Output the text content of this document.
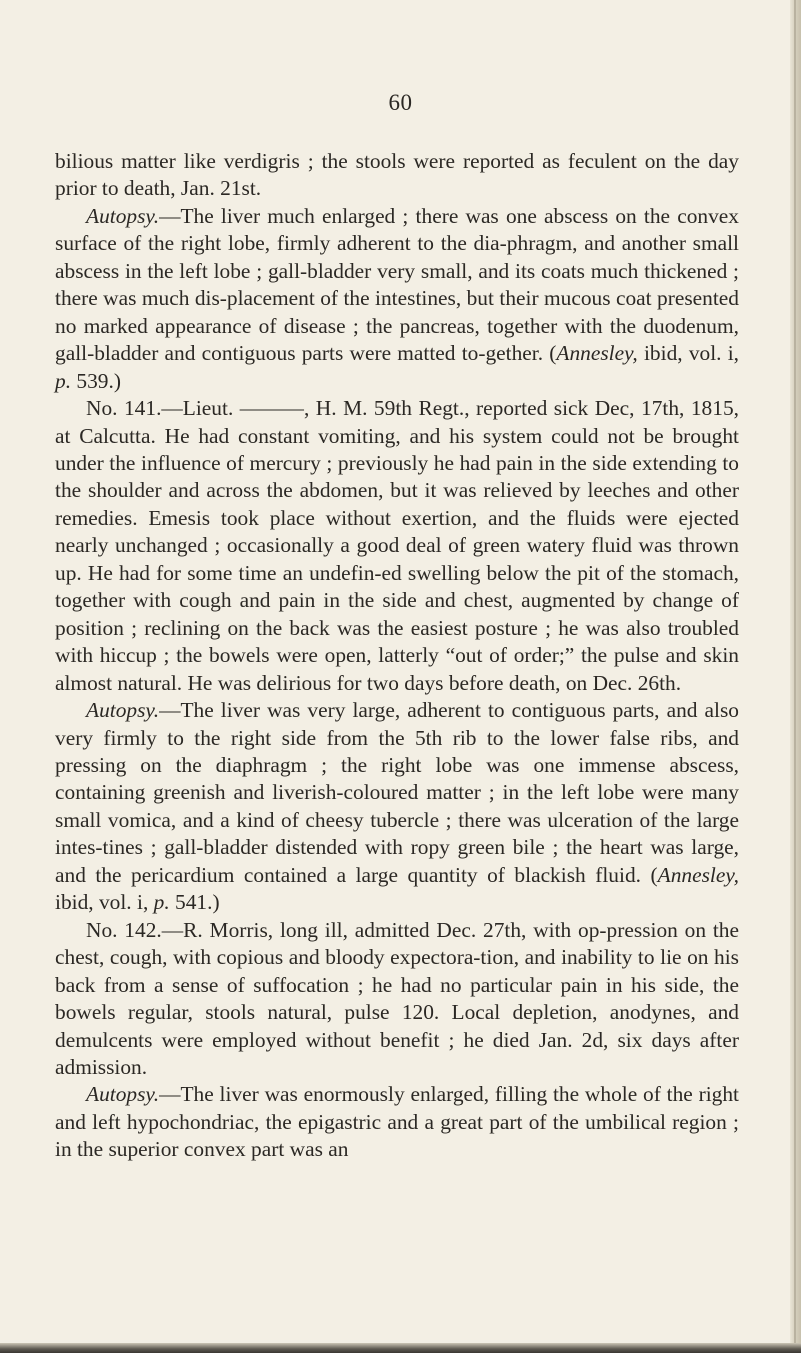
60

bilious matter like verdigris ; the stools were reported as feculent on the day prior to death, Jan. 21st.

Autopsy.—The liver much enlarged ; there was one abscess on the convex surface of the right lobe, firmly adherent to the dia-phragm, and another small abscess in the left lobe ; gall-bladder very small, and its coats much thickened ; there was much dis-placement of the intestines, but their mucous coat presented no marked appearance of disease ; the pancreas, together with the duodenum, gall-bladder and contiguous parts were matted to-gether. (Annesley, ibid, vol. i, p. 539.)

No. 141.—Lieut. ———, H. M. 59th Regt., reported sick Dec, 17th, 1815, at Calcutta. He had constant vomiting, and his system could not be brought under the influence of mercury ; previously he had pain in the side extending to the shoulder and across the abdomen, but it was relieved by leeches and other remedies. Emesis took place without exertion, and the fluids were ejected nearly unchanged ; occasionally a good deal of green watery fluid was thrown up. He had for some time an undefin-ed swelling below the pit of the stomach, together with cough and pain in the side and chest, augmented by change of position ; reclining on the back was the easiest posture ; he was also troubled with hiccup ; the bowels were open, latterly “out of order;” the pulse and skin almost natural. He was delirious for two days before death, on Dec. 26th.

Autopsy.—The liver was very large, adherent to contiguous parts, and also very firmly to the right side from the 5th rib to the lower false ribs, and pressing on the diaphragm ; the right lobe was one immense abscess, containing greenish and liverish-coloured matter ; in the left lobe were many small vomica, and a kind of cheesy tubercle ; there was ulceration of the large intes-tines ; gall-bladder distended with ropy green bile ; the heart was large, and the pericardium contained a large quantity of blackish fluid. (Annesley, ibid, vol. i, p. 541.)

No. 142.—R. Morris, long ill, admitted Dec. 27th, with op-pression on the chest, cough, with copious and bloody expectora-tion, and inability to lie on his back from a sense of suffocation ; he had no particular pain in his side, the bowels regular, stools natural, pulse 120. Local depletion, anodynes, and demulcents were employed without benefit ; he died Jan. 2d, six days after admission.

Autopsy.—The liver was enormously enlarged, filling the whole of the right and left hypochondriac, the epigastric and a great part of the umbilical region ; in the superior convex part was an
